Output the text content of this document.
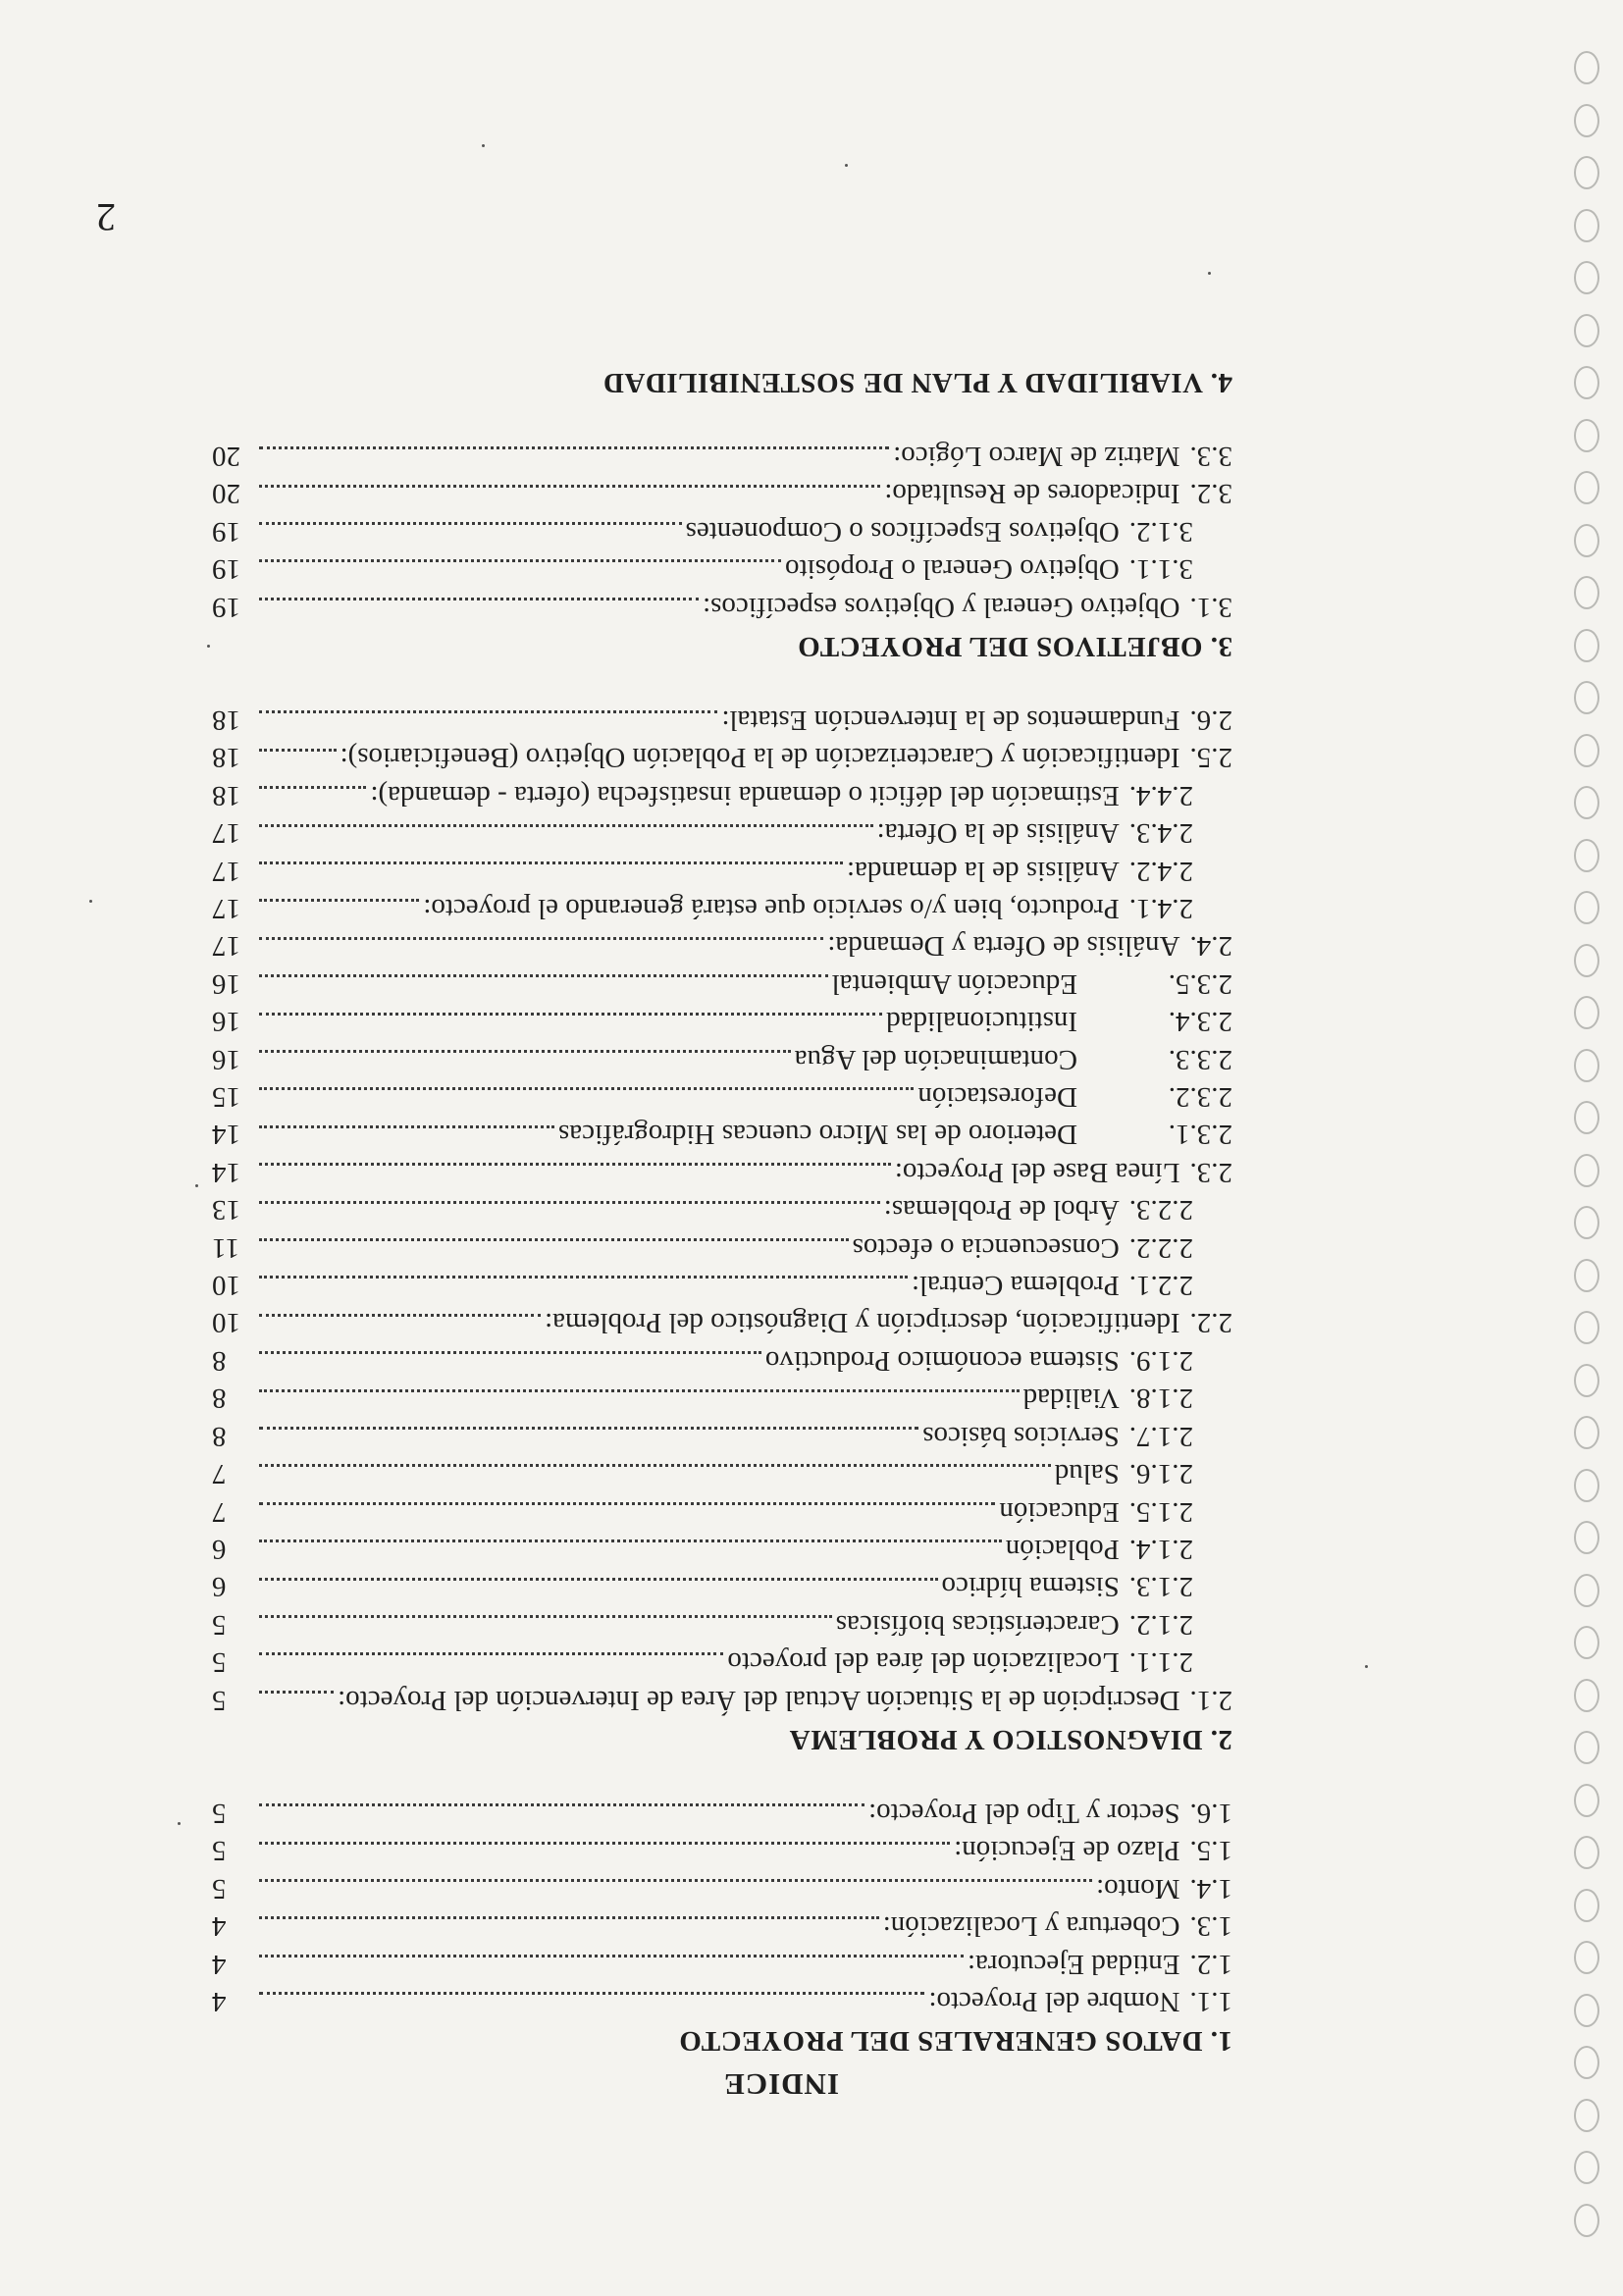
INDICE
1. DATOS GENERALES DEL PROYECTO
1.1.
Nombre del Proyecto:
4
1.2.
Entidad Ejecutora:
4
1.3.
Cobertura y Localización:
4
1.4.
Monto:
5
1.5.
Plazo de Ejecución:
5
1.6.
Sector y Tipo del Proyecto:
5
2. DIAGNOSTICO Y PROBLEMA
2.1.
Descripción de la Situación Actual del Área de Intervención del Proyecto:
5
2.1.1.
Localización del área del proyecto
5
2.1.2.
Características biofísicas
5
2.1.3.
Sistema hídrico
6
2.1.4.
Población
6
2.1.5.
Educación
7
2.1.6.
Salud
7
2.1.7.
Servicios básicos
8
2.1.8.
Vialidad
8
2.1.9.
Sistema económico Productivo
8
2.2.
Identificación, descripción y Diagnóstico del Problema:
10
2.2.1.
Problema Central:
10
2.2.2.
Consecuencia o efectos
11
2.2.3.
Árbol de Problemas:
13
2.3.
Línea Base del Proyecto:
14
2.3.1.
Deterioro de las Micro cuencas Hidrográficas
14
2.3.2.
Deforestación
15
2.3.3.
Contaminación del Agua
16
2.3.4.
Institucionalidad
16
2.3.5.
Educación Ambiental
16
2.4.
Análisis de Oferta y Demanda:
17
2.4.1.
Producto, bien y/o servicio que estará generando el proyecto:
17
2.4.2.
Análisis de la demanda:
17
2.4.3.
Análisis de la Oferta:
17
2.4.4.
Estimación del déficit o demanda insatisfecha (oferta - demanda):
18
2.5.
Identificación y Caracterización de la Población Objetivo (Beneficiarios):
18
2.6.
Fundamentos de la Intervención Estatal:
18
3. OBJETIVOS DEL PROYECTO
3.1.
Objetivo General y Objetivos específicos:
19
3.1.1.
Objetivo General o Propósito
19
3.1.2.
Objetivos Específicos o Componentes
19
3.2.
Indicadores de Resultado:
20
3.3.
Matriz de Marco Lógico:
20
4. VIABILIDAD Y PLAN DE SOSTENIBILIDAD
2
